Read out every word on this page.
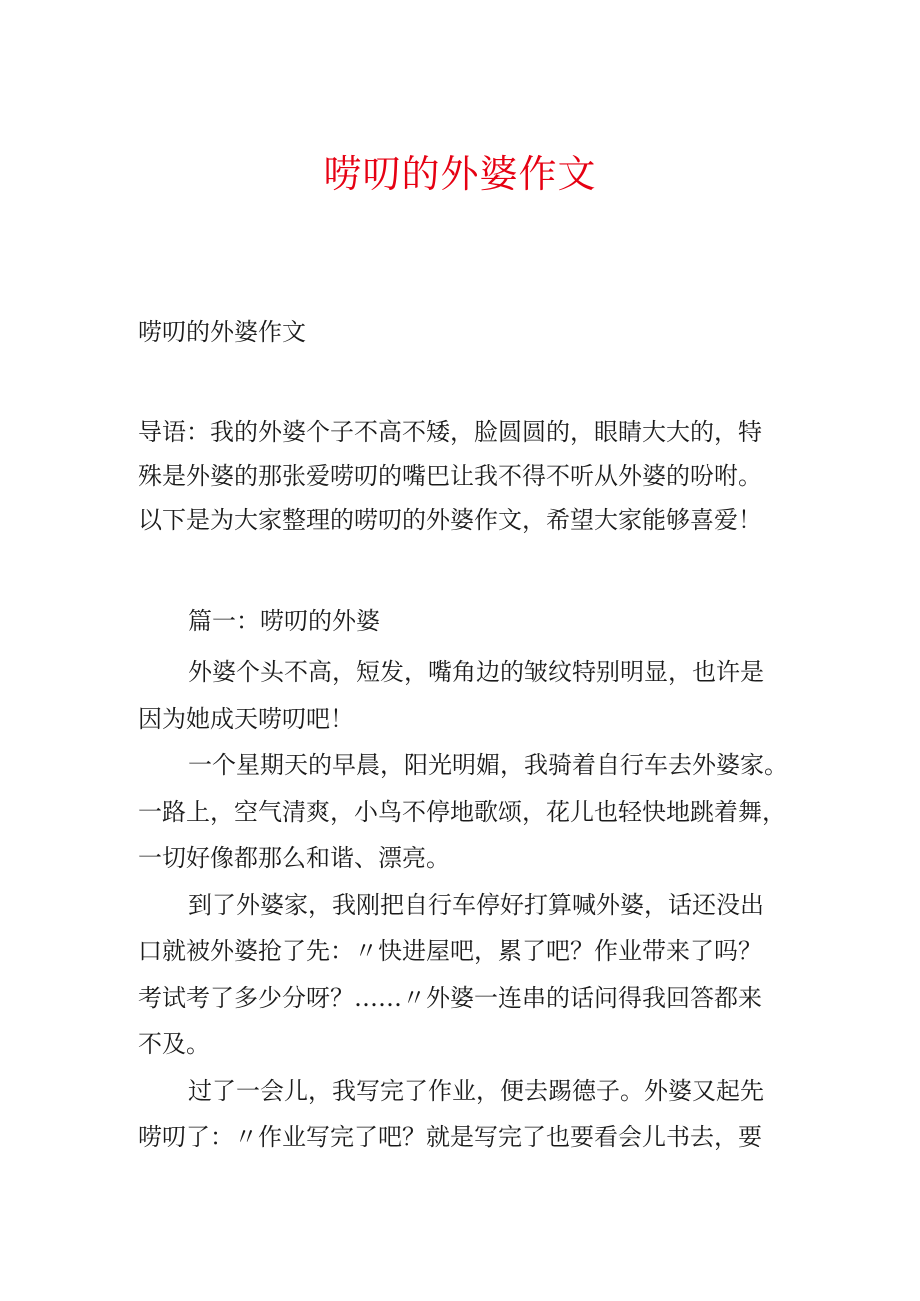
唠叨的外婆作文
唠叨的外婆作文
导语：我的外婆个子不高不矮，脸圆圆的，眼睛大大的，特
殊是外婆的那张爱唠叨的嘴巴让我不得不听从外婆的吩咐。
以下是为大家整理的唠叨的外婆作文，希望大家能够喜爱！
篇一：唠叨的外婆
外婆个头不高，短发，嘴角边的皱纹特别明显，也许是
因为她成天唠叨吧！
一个星期天的早晨，阳光明媚，我骑着自行车去外婆家。
一路上，空气清爽，小鸟不停地歌颂，花儿也轻快地跳着舞，
一切好像都那么和谐、漂亮。
到了外婆家，我刚把自行车停好打算喊外婆，话还没出
口就被外婆抢了先：〃快进屋吧，累了吧？作业带来了吗？
考试考了多少分呀？……〃外婆一连串的话问得我回答都来
不及。
过了一会儿，我写完了作业，便去踢德子。外婆又起先
唠叨了：〃作业写完了吧？就是写完了也要看会儿书去，要
